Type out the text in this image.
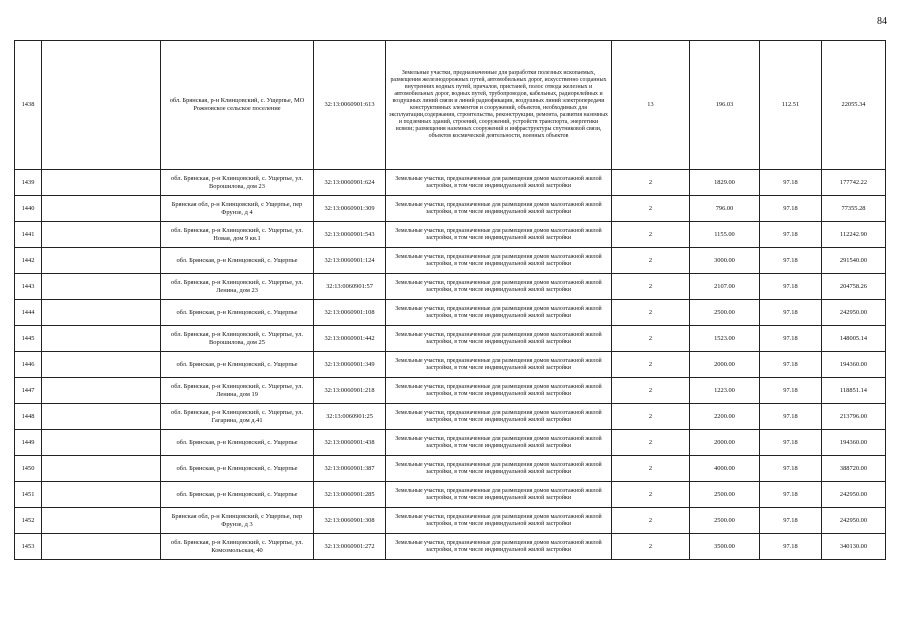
84
1438		обл. Брянская, р-н Клинцовский, с. Ущерпье, МО Рожновское сельское поселение	32:13:0060901:613	Земельные участки, предназначенные для разработки полезных ископаемых, размещения железнодорожных путей, автомобильных дорог, искусственно созданных внутренних водных путей, причалов, пристаней, полос отвода железных и автомобильных дорог, водных путей, трубопроводов, кабельных, радиорелейных и воздушных линий связи и линий радиофикации, воздушных линий электропередачи конструктивных элементов и сооружений, объектов, необходимых для эксплуатации,содержания, строительства, реконструкции, ремонта, развития наземных и подземных зданий, строений, сооружений, устройств транспорта, энергетики исвязи; размещения наземных сооружений и инфраструктуры спутниковой связи, объектов космической деятельности, военных объектов	13	196.03	112.51	22055.34
1439		обл. Брянская, р-н Клинцовский, с. Ущерпье, ул. Ворошилова, дом 23	32:13:0060901:624	Земельные участки, предназначенные для размещения домов малоэтажной жилой застройки, в том числе индивидуальной жилой застройки	2	1829.00	97.18	177742.22
1440		Брянская обл, р-н Клинцовский, с Ущерпье, пер Фрунзе, д 4	32:13:0060901:309	Земельные участки, предназначенные для размещения домов малоэтажной жилой застройки, в том числе индивидуальной жилой застройки	2	796.00	97.18	77355.28
1441		обл. Брянская, р-н Клинцовский, с. Ущерпье, ул. Новая, дом 9 кв.1	32:13:0060901:543	Земельные участки, предназначенные для размещения домов малоэтажной жилой застройки, в том числе индивидуальной жилой застройки	2	1155.00	97.18	112242.90
1442		обл. Брянская, р-н Клинцовский, с. Ущерпье	32:13:0060901:124	Земельные участки, предназначенные для размещения домов малоэтажной жилой застройки, в том числе индивидуальной жилой застройки	2	3000.00	97.18	291540.00
1443		обл. Брянская, р-н Клинцовский, с. Ущерпье, ул. Ленина, дом 23	32:13:0060901:57	Земельные участки, предназначенные для размещения домов малоэтажной жилой застройки, в том числе индивидуальной жилой застройки	2	2107.00	97.18	204758.26
1444		обл. Брянская, р-н Клинцовский, с. Ущерпье	32:13:0060901:108	Земельные участки, предназначенные для размещения домов малоэтажной жилой застройки, в том числе индивидуальной жилой застройки	2	2500.00	97.18	242950.00
1445		обл. Брянская, р-н Клинцовский, с. Ущерпье, ул. Ворошилова, дом 25	32:13:0060901:442	Земельные участки, предназначенные для размещения домов малоэтажной жилой застройки, в том числе индивидуальной жилой застройки	2	1523.00	97.18	148005.14
1446		обл. Брянская, р-н Клинцовский, с. Ущерпье	32:13:0060901:349	Земельные участки, предназначенные для размещения домов малоэтажной жилой застройки, в том числе индивидуальной жилой застройки	2	2000.00	97.18	194360.00
1447		обл. Брянская, р-н Клинцовский, с. Ущерпье, ул. Ленина, дом 19	32:13:0060901:218	Земельные участки, предназначенные для размещения домов малоэтажной жилой застройки, в том числе индивидуальной жилой застройки	2	1223.00	97.18	118851.14
1448		обл. Брянская, р-н Клинцовский, с. Ущерпье, ул. Гагарина, дом д.41	32:13:0060901:25	Земельные участки, предназначенные для размещения домов малоэтажной жилой застройки, в том числе индивидуальной жилой застройки	2	2200.00	97.18	213796.00
1449		обл. Брянская, р-н Клинцовский, с. Ущерпье	32:13:0060901:438	Земельные участки, предназначенные для размещения домов малоэтажной жилой застройки, в том числе индивидуальной жилой застройки	2	2000.00	97.18	194360.00
1450		обл. Брянская, р-н Клинцовский, с. Ущерпье	32:13:0060901:387	Земельные участки, предназначенные для размещения домов малоэтажной жилой застройки, в том числе индивидуальной жилой застройки	2	4000.00	97.18	388720.00
1451		обл. Брянская, р-н Клинцовский, с. Ущерпье	32:13:0060901:285	Земельные участки, предназначенные для размещения домов малоэтажной жилой застройки, в том числе индивидуальной жилой застройки	2	2500.00	97.18	242950.00
1452		Брянская обл, р-н Клинцовский, с Ущерпье, пер Фрунзе, д 3	32:13:0060901:308	Земельные участки, предназначенные для размещения домов малоэтажной жилой застройки, в том числе индивидуальной жилой застройки	2	2500.00	97.18	242950.00
1453		обл. Брянская, р-н Клинцовский, с. Ущерпье, ул. Комсомольская, 40	32:13:0060901:272	Земельные участки, предназначенные для размещения домов малоэтажной жилой застройки, в том числе индивидуальной жилой застройки	2	3500.00	97.18	340130.00
